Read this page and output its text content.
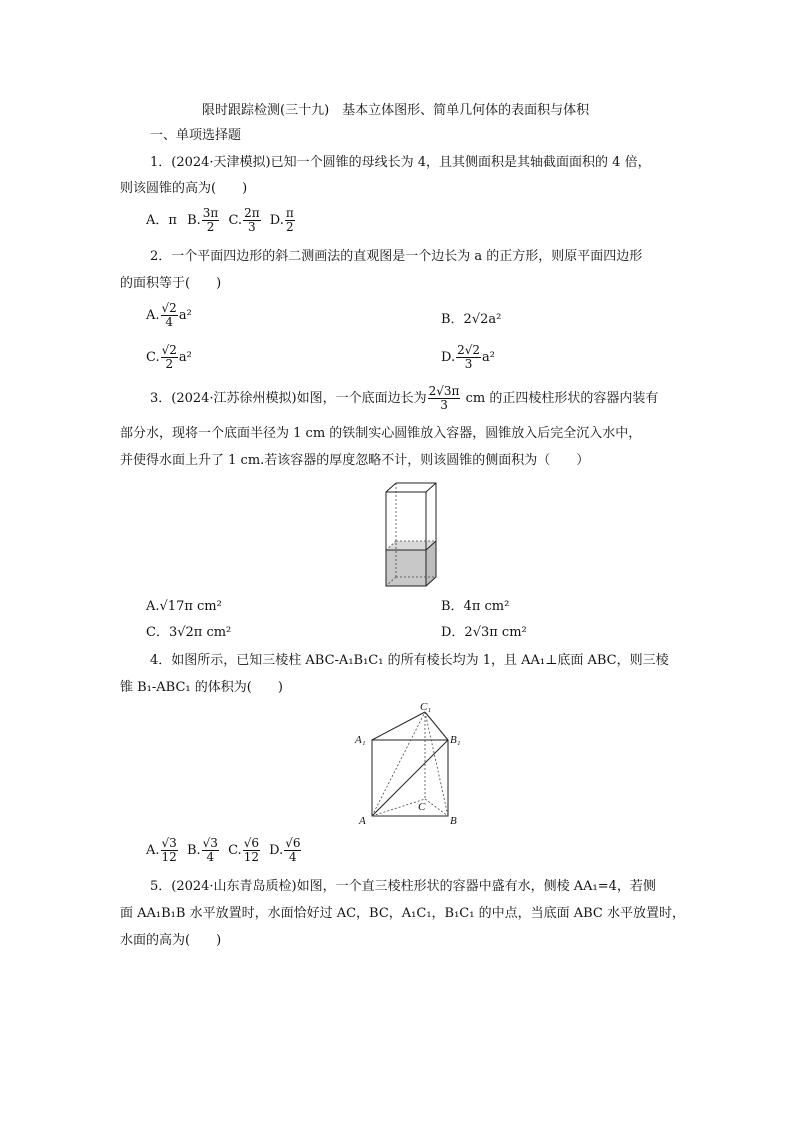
限时跟踪检测(三十九)　基本立体图形、简单几何体的表面积与体积
一、单项选择题
1．(2024·天津模拟)已知一个圆锥的母线长为 4，且其侧面积是其轴截面面积的 4 倍，
则该圆锥的高为(　　)
A．π B. $\frac{3\pi}{2} C$. $\frac{2\pi}{3} D$. $\frac{\pi}{2}$
2．一个平面四边形的斜二测画法的直观图是一个边长为 a 的正方形，则原平面四边形
的面积等于(　　)
A. $\frac{√2}{4} a^2$	B．2√2a²
C. $\frac{√2}{2} a^2$	D. $\frac{2√2}{3} a^2$
3．(2024·江苏徐州模拟)如图，一个底面边长为 $\frac{2√3\pi}{3}$ cm 的正四棱柱形状的容器内装有
部分水，现将一个底面半径为 1 cm 的铁制实心圆锥放入容器，圆锥放入后完全沉入水中，
并使得水面上升了 1 cm.若该容器的厚度忽略不计，则该圆锥的侧面积为（　　）
A.√17π cm²	B．4π cm²
C．3√2π cm²	D．2√3π cm²
4．如图所示，已知三棱柱 ABC-A₁B₁C₁ 的所有棱长均为 1，且 AA₁⊥底面 ABC，则三棱
锥 B₁-ABC₁ 的体积为(　　)
C₁
A₁	B₁
C
A	B
A. $\frac{√3}{12} B$. $\frac{√3}{4} C$. $\frac{√6}{12} D$. $\frac{√6}{4}$
5．(2024·山东青岛质检)如图，一个直三棱柱形状的容器中盛有水，侧棱 AA₁=4，若侧
面 AA₁B₁B 水平放置时，水面恰好过 AC，BC，A₁C₁，B₁C₁ 的中点，当底面 ABC 水平放置时，
水面的高为(　　)
